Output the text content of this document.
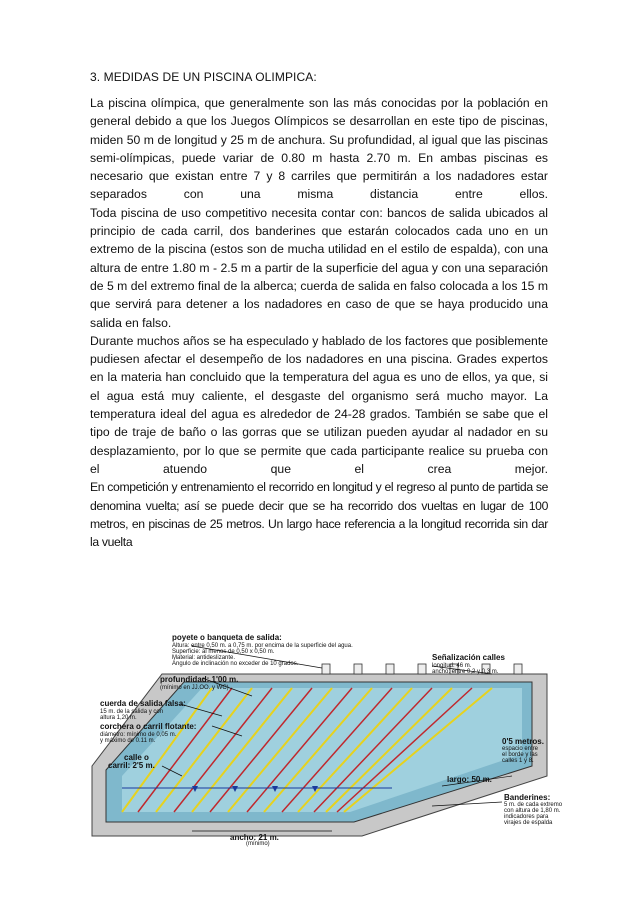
3. MEDIDAS DE UN PISCINA OLIMPICA:

La piscina olímpica, que generalmente son las más conocidas por la población en general debido a que los Juegos Olímpicos se desarrollan en este tipo de piscinas, miden 50 m de longitud y 25 m de anchura. Su profundidad, al igual que las piscinas semi-olímpicas, puede variar de 0.80 m hasta 2.70 m. En ambas piscinas es necesario que existan entre 7 y 8 carriles que permitirán a los nadadores estar separados con una misma distancia entre ellos.

Toda piscina de uso competitivo necesita contar con: bancos de salida ubicados al principio de cada carril, dos banderines que estarán colocados cada uno en un extremo de la piscina (estos son de mucha utilidad en el estilo de espalda), con una altura de entre 1.80 m - 2.5 m a partir de la superficie del agua y con una separación de 5 m del extremo final de la alberca; cuerda de salida en falso colocada a los 15 m que servirá para detener a los nadadores en caso de que se haya producido una salida en falso.

Durante muchos años se ha especulado y hablado de los factores que posiblemente pudiesen afectar el desempeño de los nadadores en una piscina. Grades expertos en la materia han concluido que la temperatura del agua es uno de ellos, ya que, si el agua está muy caliente, el desgaste del organismo será mucho mayor. La temperatura ideal del agua es alrededor de 24-28 grados. También se sabe que el tipo de traje de baño o las gorras que se utilizan pueden ayudar al nadador en su desplazamiento, por lo que se permite que cada participante realice su prueba con el atuendo que el crea mejor.

En competición y entrenamiento el recorrido en longitud y el regreso al punto de partida se denomina vuelta; así se puede decir que se ha recorrido dos vueltas en lugar de 100 metros, en piscinas de 25 metros. Un largo hace referencia a la longitud recorrida sin dar la vuelta

poyete o banqueta de salida:
Altura: entre 0,50 m. a 0,75 m. por encima de la superficie del agua.
Superficie: al menos de 0,50 x 0,50 m.
Material: antideslizante.
Ángulo de inclinación no exceder de 10 grados.
Señalización calles
longitud: 46 m.
ancho: entre 0,2 y 0,3 m.
profundidad: 1'00 m.
(mínimo en JJ.OO. y WC)
cuerda de salida falsa:
15 m. de la salida y con
altura 1,20 m.
corchera o carril flotante:
diámetro: mínimo de 0,05 m.
y máximo de 0.11 m.
calle o
carril: 2'5 m.
0'5 metros.
espacio entre
el borde y las
calles 1 y 8.
largo: 50 m.
Banderines:
5 m. de cada extremo
con altura de 1,80 m.
indicadores para
virajes de espalda
ancho: 21 m.
(mínimo)
